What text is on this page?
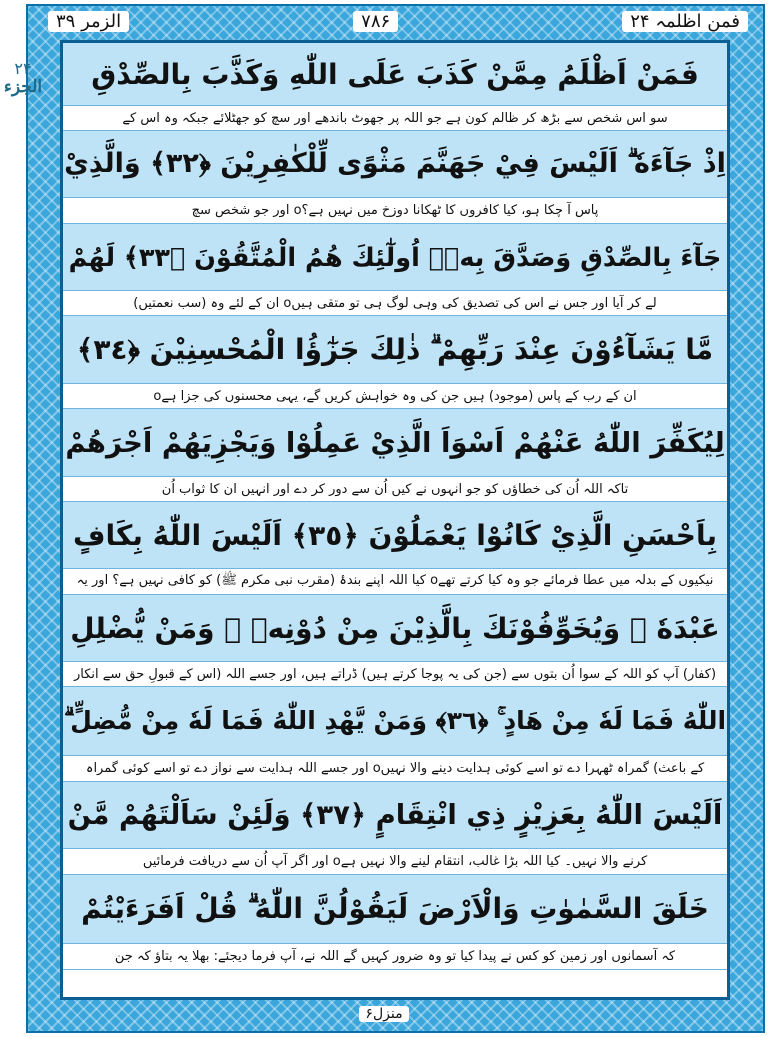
۲۴
الجزء
فمن اظلمہ ۲۴
۷۸۶
الزمر ۳۹
فَمَنْ اَظْلَمُ مِمَّنْ كَذَبَ عَلَى اللّٰهِ وَكَذَّبَ بِالصِّدْقِ
سو اس شخص سے بڑھ کر ظالم کون ہے جو اللہ پر جھوٹ باندھے اور سچ کو جھٹلائے جبکہ وہ اس کے
اِذْ جَآءَهٗ ۗ اَلَيْسَ فِيْ جَهَنَّمَ مَثْوًى لِّلْكٰفِرِيْنَ ﴿٣٢﴾ وَالَّذِيْ
پاس آ چکا ہو، کیا کافروں کا ٹھکانا دوزخ میں نہیں ہے؟o اور جو شخص سچ
جَآءَ بِالصِّدْقِ وَصَدَّقَ بِهٖۤ اُولٰٓئِكَ هُمُ الْمُتَّقُوْنَ ﴿٣٣﴾ لَهُمْ
لے کر آیا اور جس نے اس کی تصدیق کی وہی لوگ ہی تو متقی ہیںo ان کے لئے وہ (سب نعمتیں)
مَّا يَشَآءُوْنَ عِنْدَ رَبِّهِمْ ۗ ذٰلِكَ جَزٰٓؤُا الْمُحْسِنِيْنَ ﴿٣٤﴾
ان کے رب کے پاس (موجود) ہیں جن کی وہ خواہش کریں گے، یہی محسنوں کی جزا ہےo
لِيُكَفِّرَ اللّٰهُ عَنْهُمْ اَسْوَاَ الَّذِيْ عَمِلُوْا وَيَجْزِيَهُمْ اَجْرَهُمْ
تاکہ اللہ اُن کی خطاؤں کو جو انہوں نے کیں اُن سے دور کر دے اور انہیں ان کا ثواب اُن
بِاَحْسَنِ الَّذِيْ كَانُوْا يَعْمَلُوْنَ ﴿٣٥﴾ اَلَيْسَ اللّٰهُ بِكَافٍ
نیکیوں کے بدلہ میں عطا فرمائے جو وہ کیا کرتے تھےo کیا اللہ اپنے بندۂ (مقرب نبی مکرم ﷺ) کو کافی نہیں ہے؟ اور یہ
عَبْدَهٗ ۗ وَيُخَوِّفُوْنَكَ بِالَّذِيْنَ مِنْ دُوْنِهٖ ۗ وَمَنْ يُّضْلِلِ
(کفار) آپ کو اللہ کے سوا اُن بتوں سے (جن کی یہ پوجا کرتے ہیں) ڈراتے ہیں، اور جسے اللہ (اس کے قبولِ حق سے انکار
اللّٰهُ فَمَا لَهٗ مِنْ هَادٍ ۚ ﴿٣٦﴾ وَمَنْ يَّهْدِ اللّٰهُ فَمَا لَهٗ مِنْ مُّضِلٍّ ۗ
کے باعث) گمراہ ٹھہرا دے تو اسے کوئی ہدایت دینے والا نہیںo اور جسے اللہ ہدایت سے نواز دے تو اسے کوئی گمراہ
اَلَيْسَ اللّٰهُ بِعَزِيْزٍ ذِي انْتِقَامٍ ﴿٣٧﴾ وَلَئِنْ سَاَلْتَهُمْ مَّنْ
کرنے والا نہیں۔ کیا اللہ بڑا غالب، انتقام لینے والا نہیں ہےo اور اگر آپ اُن سے دریافت فرمائیں
خَلَقَ السَّمٰوٰتِ وَالْاَرْضَ لَيَقُوْلُنَّ اللّٰهُ ۗ قُلْ اَفَرَءَيْتُمْ
کہ آسمانوں اور زمین کو کس نے پیدا کیا تو وہ ضرور کہیں گے اللہ نے، آپ فرما دیجئے: بھلا یہ بتاؤ کہ جن
منزل۶
